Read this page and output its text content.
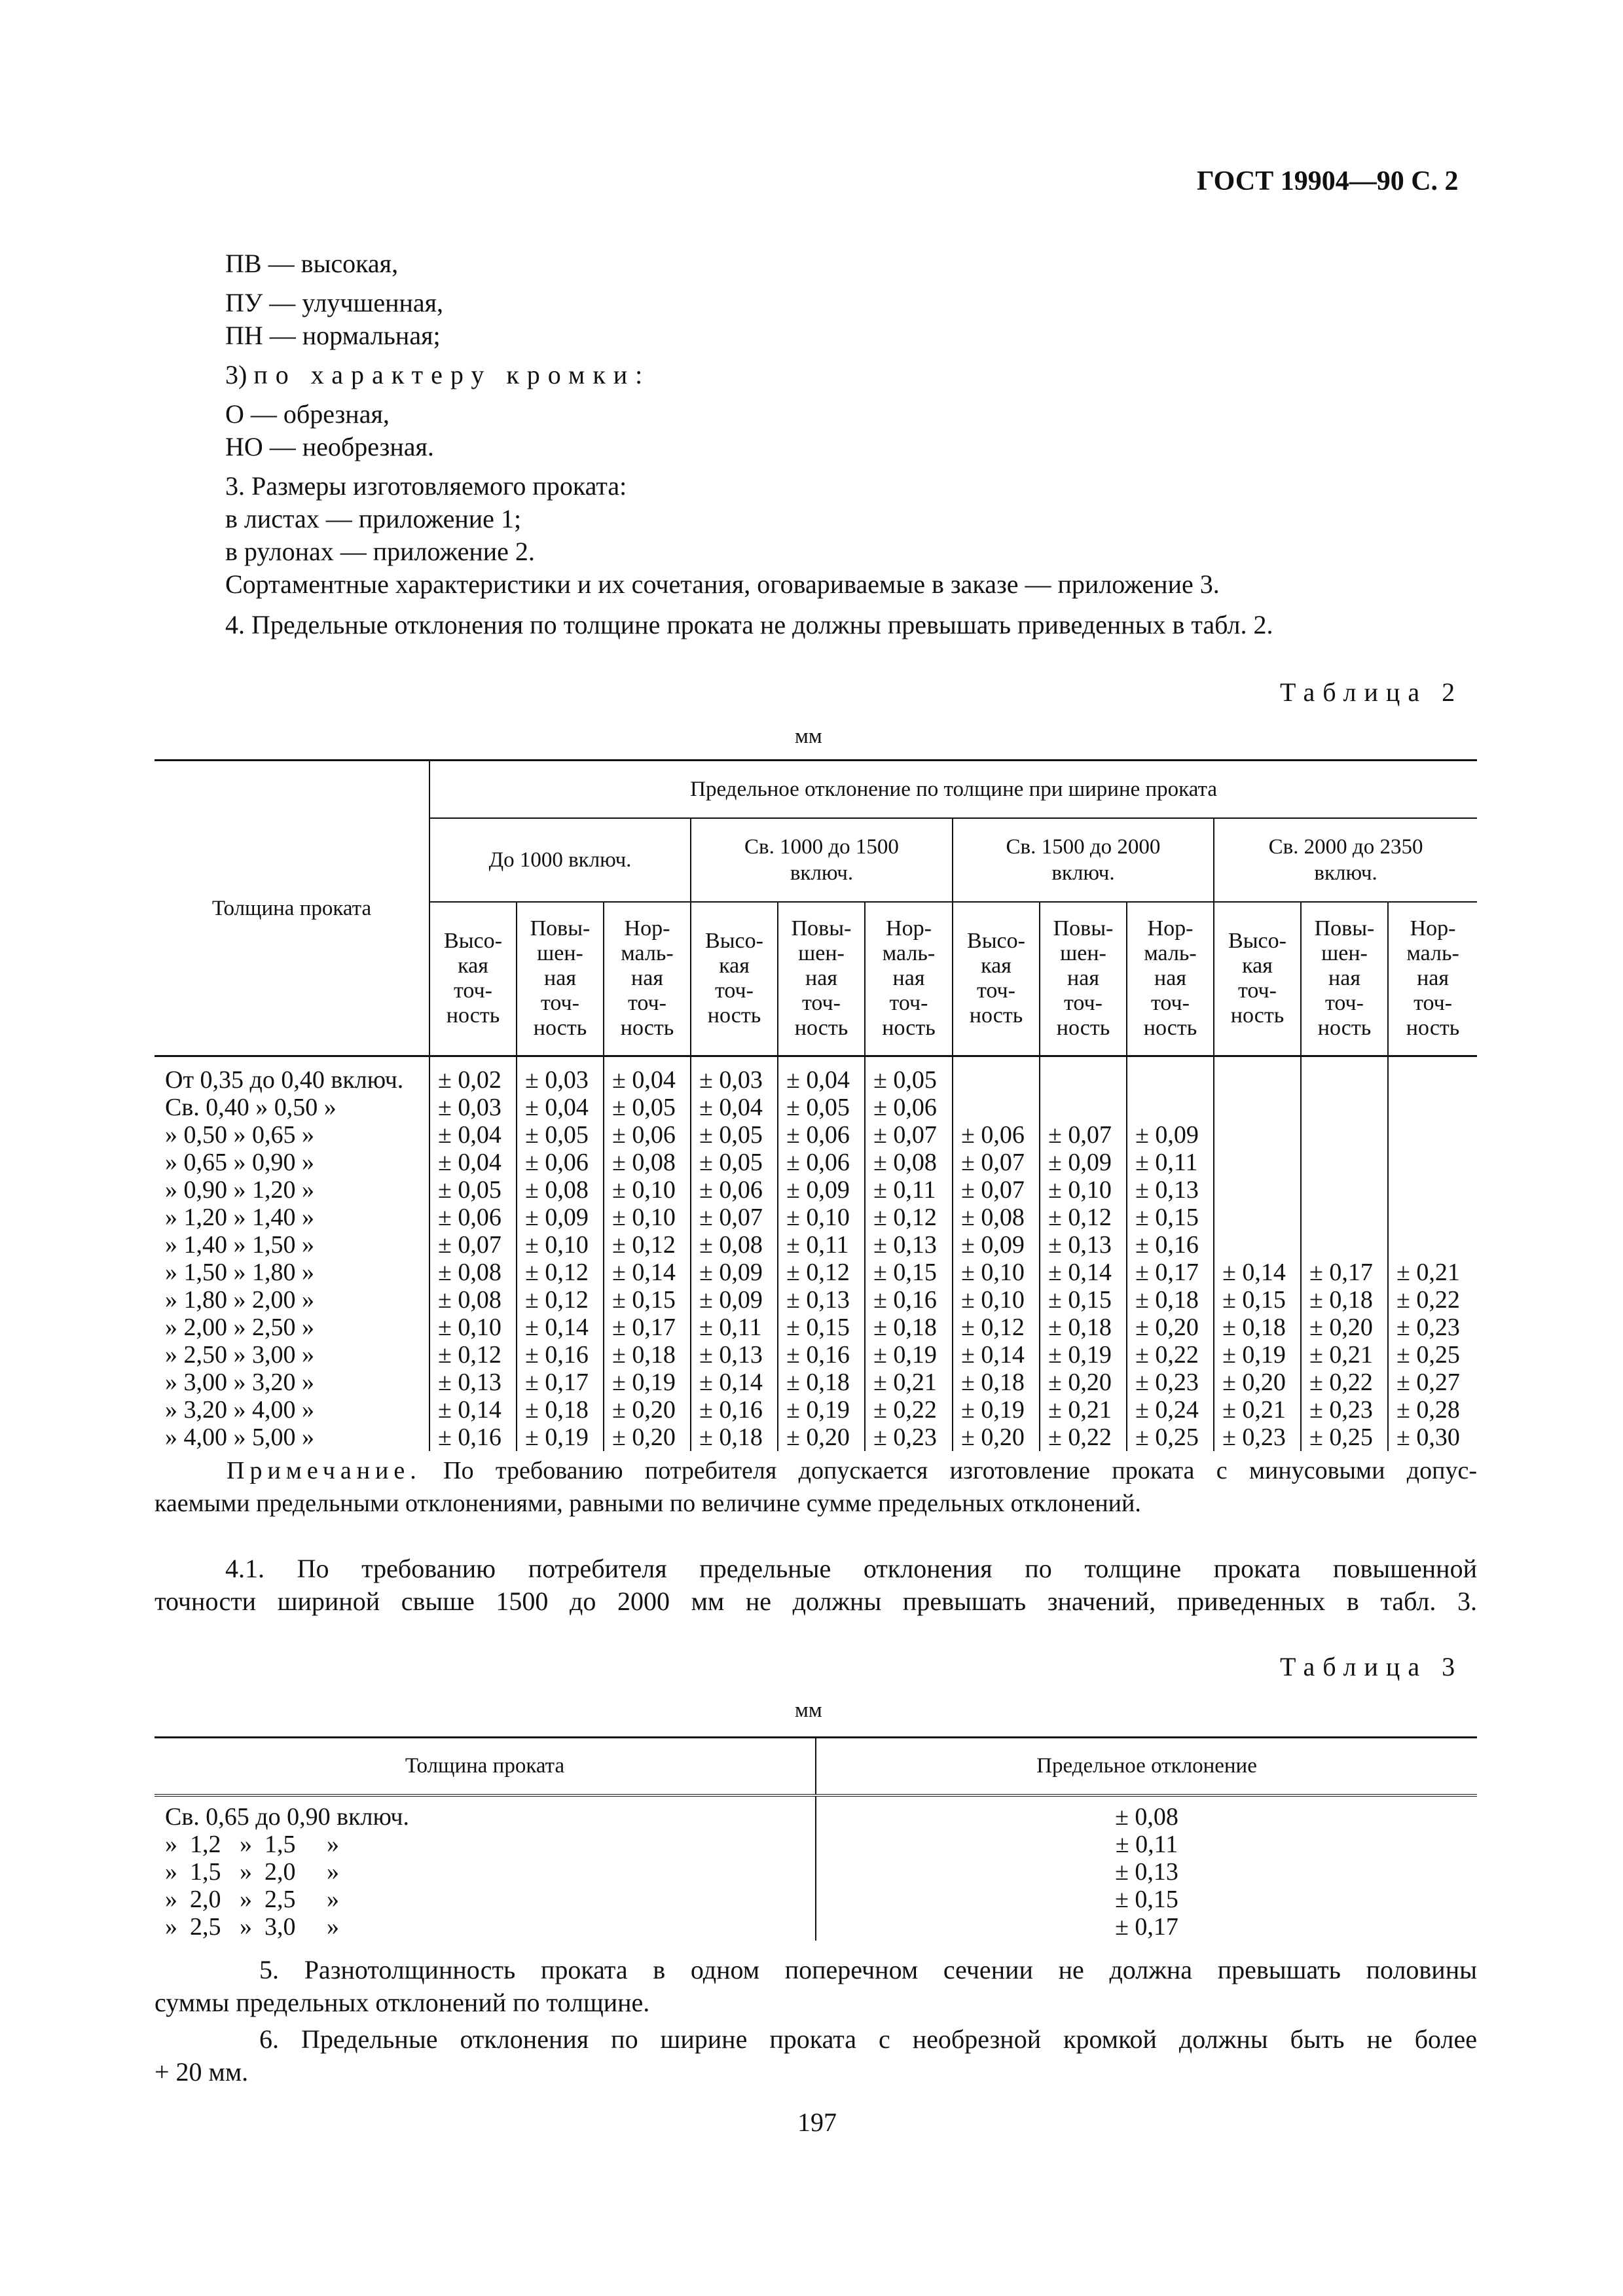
ГОСТ 19904—90 С. 2

ПВ — высокая,

ПУ — улучшенная,

ПН — нормальная;

3) по характеру кромки:

О — обрезная,

НО — необрезная.

3. Размеры изготовляемого проката:

в листах — приложение 1;

в рулонах — приложение 2.

Сортаментные характеристики и их сочетания, оговариваемые в заказе — приложение 3.

4. Предельные отклонения по толщине проката не должны превышать приведенных в табл. 2.

Таблица 2
мм
Толщина проката	Предельное отклонение по толщине при ширине проката											
	До 1000 включ.			Св. 1000 до 1500 включ.			Св. 1500 до 2000 включ.			Св. 2000 до 2350 включ.		
	Высо-
кая
точ-
ность	Повы-
шен-
ная
точ-
ность	Нор-
маль-
ная
точ-
ность	Высо-
кая
точ-
ность	Повы-
шен-
ная
точ-
ность	Нор-
маль-
ная
точ-
ность	Высо-
кая
точ-
ность	Повы-
шен-
ная
точ-
ность	Нор-
маль-
ная
точ-
ность	Высо-
кая
точ-
ность	Повы-
шен-
ная
точ-
ность	Нор-
маль-
ная
точ-
ность
От 0,35 до 0,40 включ.	± 0,02	± 0,03	± 0,04	± 0,03	± 0,04	± 0,05						
Св. 0,40 » 0,50 »	± 0,03	± 0,04	± 0,05	± 0,04	± 0,05	± 0,06						
» 0,50 » 0,65 »	± 0,04	± 0,05	± 0,06	± 0,05	± 0,06	± 0,07	± 0,06	± 0,07	± 0,09			
» 0,65 » 0,90 »	± 0,04	± 0,06	± 0,08	± 0,05	± 0,06	± 0,08	± 0,07	± 0,09	± 0,11			
» 0,90 » 1,20 »	± 0,05	± 0,08	± 0,10	± 0,06	± 0,09	± 0,11	± 0,07	± 0,10	± 0,13			
» 1,20 » 1,40 »	± 0,06	± 0,09	± 0,10	± 0,07	± 0,10	± 0,12	± 0,08	± 0,12	± 0,15			
» 1,40 » 1,50 »	± 0,07	± 0,10	± 0,12	± 0,08	± 0,11	± 0,13	± 0,09	± 0,13	± 0,16			
» 1,50 » 1,80 »	± 0,08	± 0,12	± 0,14	± 0,09	± 0,12	± 0,15	± 0,10	± 0,14	± 0,17	± 0,14	± 0,17	± 0,21
» 1,80 » 2,00 »	± 0,08	± 0,12	± 0,15	± 0,09	± 0,13	± 0,16	± 0,10	± 0,15	± 0,18	± 0,15	± 0,18	± 0,22
» 2,00 » 2,50 »	± 0,10	± 0,14	± 0,17	± 0,11	± 0,15	± 0,18	± 0,12	± 0,18	± 0,20	± 0,18	± 0,20	± 0,23
» 2,50 » 3,00 »	± 0,12	± 0,16	± 0,18	± 0,13	± 0,16	± 0,19	± 0,14	± 0,19	± 0,22	± 0,19	± 0,21	± 0,25
» 3,00 » 3,20 »	± 0,13	± 0,17	± 0,19	± 0,14	± 0,18	± 0,21	± 0,18	± 0,20	± 0,23	± 0,20	± 0,22	± 0,27
» 3,20 » 4,00 »	± 0,14	± 0,18	± 0,20	± 0,16	± 0,19	± 0,22	± 0,19	± 0,21	± 0,24	± 0,21	± 0,23	± 0,28
» 4,00 » 5,00 »	± 0,16	± 0,19	± 0,20	± 0,18	± 0,20	± 0,23	± 0,20	± 0,22	± 0,25	± 0,23	± 0,25	± 0,30

Примечание. По требованию потребителя допускается изготовление проката с минусовыми допус-

каемыми предельными отклонениями, равными по величине сумме предельных отклонений.

4.1. По требованию потребителя предельные отклонения по толщине проката повышенной

точности шириной свыше 1500 до 2000 мм не должны превышать значений, приведенных в табл. 3.

Таблица 3
мм
Толщина проката	Предельное отклонение
Св. 0,65 до 0,90 включ.	± 0,08
»  1,2   »  1,5     »	± 0,11
»  1,5   »  2,0     »	± 0,13
»  2,0   »  2,5     »	± 0,15
»  2,5   »  3,0     »	± 0,17

5. Разнотолщинность проката в одном поперечном сечении не должна превышать половины

суммы предельных отклонений по толщине.

6. Предельные отклонения по ширине проката с необрезной кромкой должны быть не более

+ 20 мм.

197
